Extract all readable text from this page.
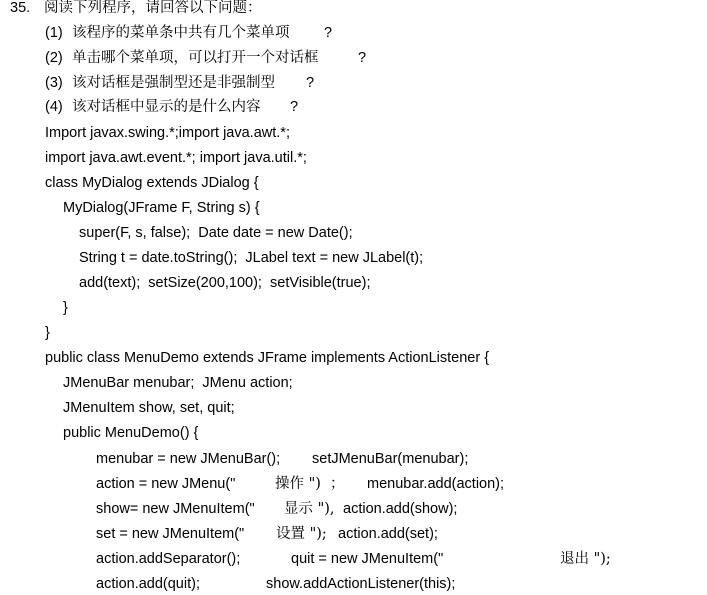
35. 阅读下列程序，请回答以下问题：
(1) 该程序的菜单条中共有几个菜单项 ?
(2) 单击哪个菜单项，可以打开一个对话框	?
(3) 该对话框是强制型还是非强制型 ?
(4) 该对话框中显示的是什么内容 ?
Import javax.swing.*;import java.awt.*;
import java.awt.event.*; import java.util.*;
class MyDialog extends JDialog {
MyDialog(JFrame F, String s) {
super(F, s, false);  Date date = new Date();
String t = date.toString();  JLabel text = new JLabel(t);
add(text);  setSize(200,100);  setVisible(true);
}
}
public class MenuDemo extends JFrame implements ActionListener {
JMenuBar menubar;  JMenu action;
JMenuItem show, set, quit;
public MenuDemo() {
menubar = new JMenuBar(); setJMenuBar(menubar);
action = new JMenu("	操作 ") ； menubar.add(action);
show= new JMenuItem(" 显示 "), action.add(show);
set = new JMenuItem(" 设置 "); action.add(set);
action.addSeparator();	quit = new JMenuItem("	退出 ");
action.add(quit);	show.addActionListener(this);
